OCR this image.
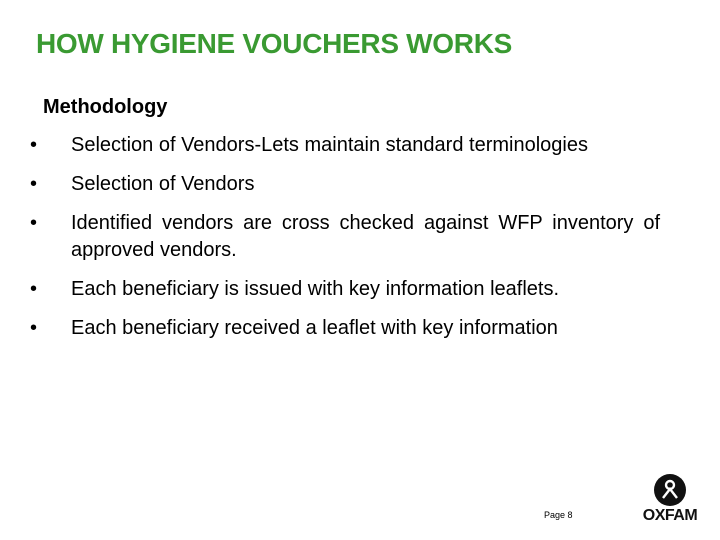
HOW HYGIENE VOUCHERS WORKS
Methodology
• Selection of Vendors-Lets maintain standard terminologies
• Selection of Vendors
• Identified vendors are cross checked against WFP inventory of approved vendors.
• Each beneficiary is issued with key information leaflets.
• Each beneficiary received a leaflet with key information
Page 8	OXFAM
